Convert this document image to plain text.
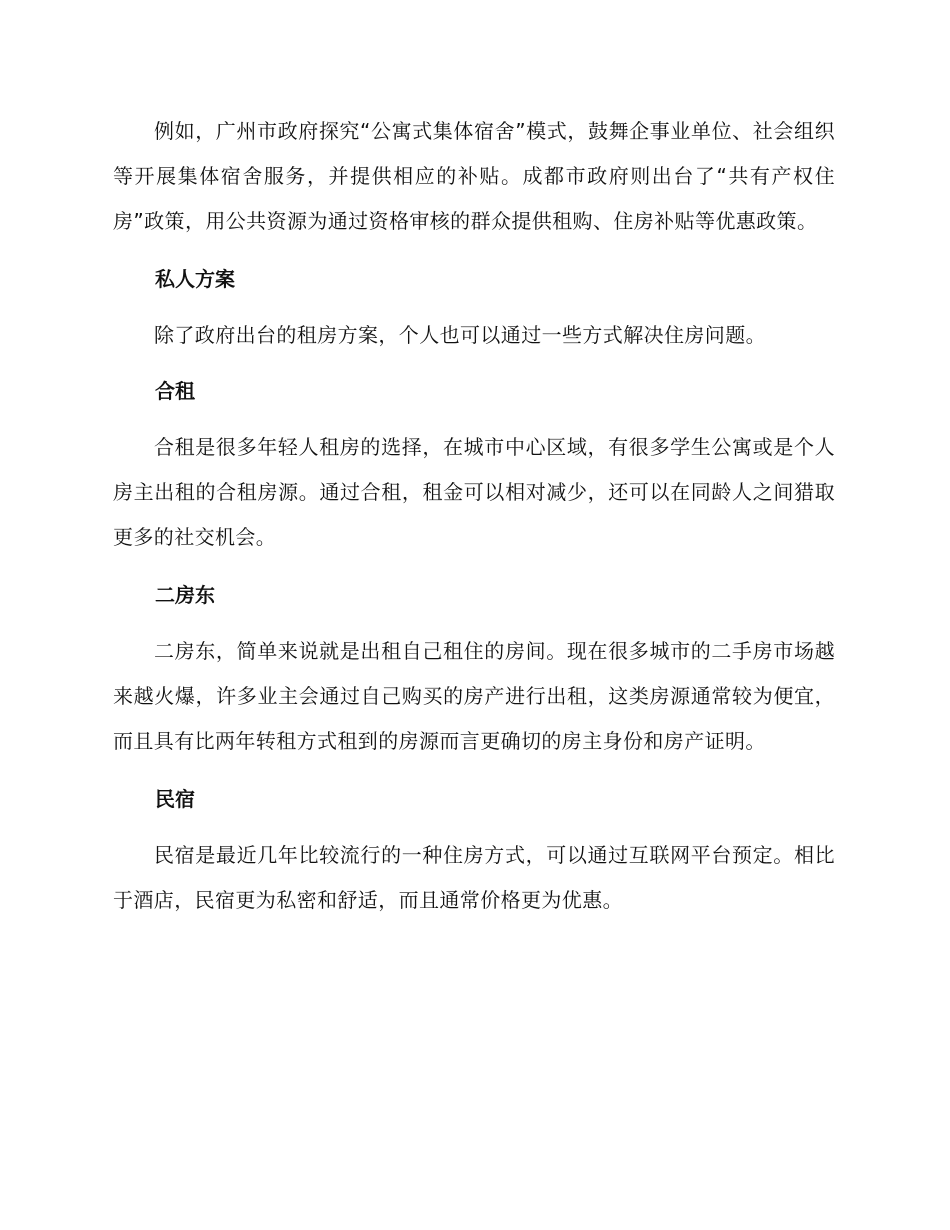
例如，广州市政府探究“公寓式集体宿舍”模式，鼓舞企事业单位、社会组织等开展集体宿舍服务，并提供相应的补贴。成都市政府则出台了“共有产权住房”政策，用公共资源为通过资格审核的群众提供租购、住房补贴等优惠政策。

私人方案

除了政府出台的租房方案，个人也可以通过一些方式解决住房问题。

合租

合租是很多年轻人租房的选择，在城市中心区域，有很多学生公寓或是个人房主出租的合租房源。通过合租，租金可以相对减少，还可以在同龄人之间猎取更多的社交机会。

二房东

二房东，简单来说就是出租自己租住的房间。现在很多城市的二手房市场越来越火爆，许多业主会通过自己购买的房产进行出租，这类房源通常较为便宜，而且具有比两年转租方式租到的房源而言更确切的房主身份和房产证明。

民宿

民宿是最近几年比较流行的一种住房方式，可以通过互联网平台预定。相比于酒店，民宿更为私密和舒适，而且通常价格更为优惠。
